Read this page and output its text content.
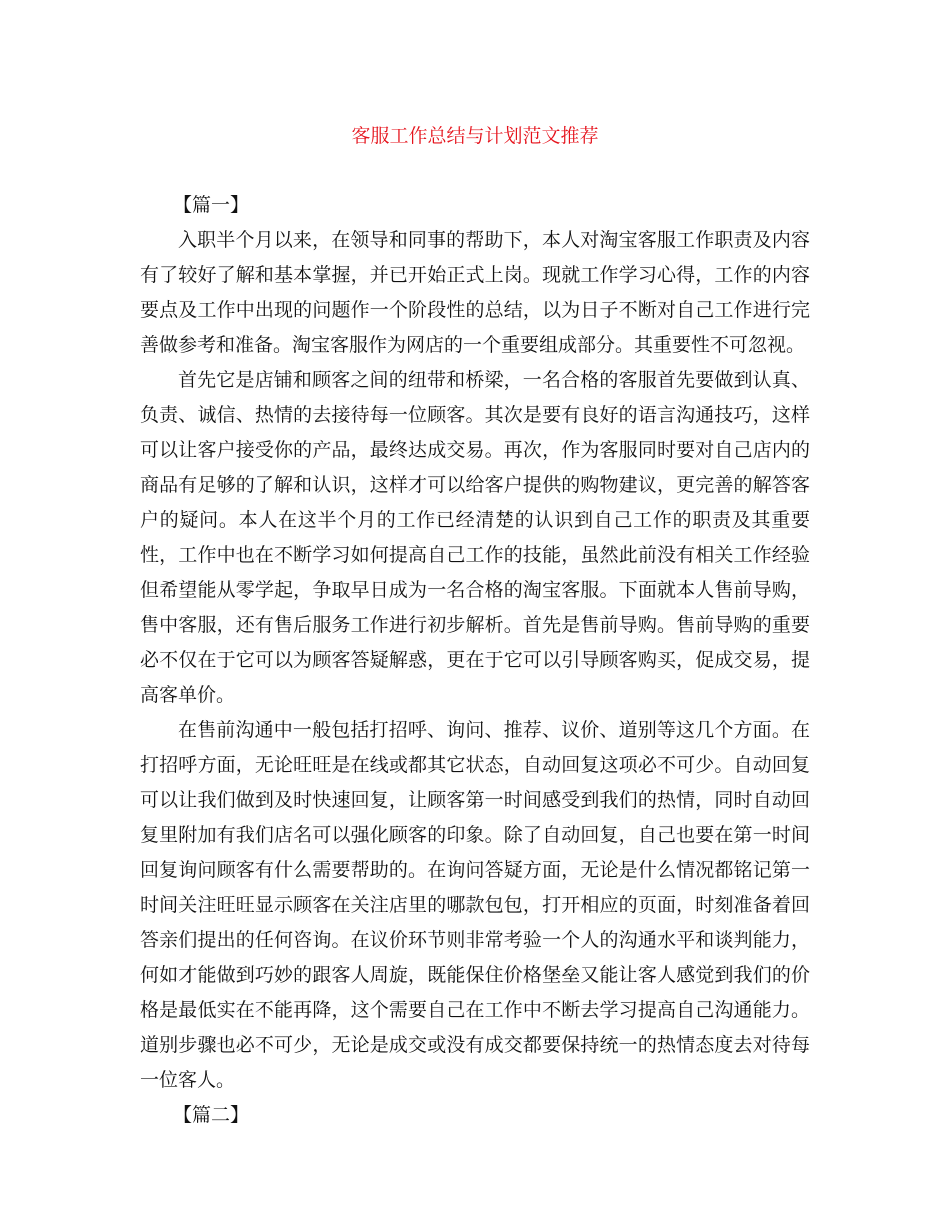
客服工作总结与计划范文推荐

【篇一】

入职半个月以来，在领导和同事的帮助下，本人对淘宝客服工作职责及内容有了较好了解和基本掌握，并已开始正式上岗。现就工作学习心得，工作的内容要点及工作中出现的问题作一个阶段性的总结，以为日子不断对自己工作进行完善做参考和准备。淘宝客服作为网店的一个重要组成部分。其重要性不可忽视。

首先它是店铺和顾客之间的纽带和桥梁，一名合格的客服首先要做到认真、负责、诚信、热情的去接待每一位顾客。其次是要有良好的语言沟通技巧，这样可以让客户接受你的产品，最终达成交易。再次，作为客服同时要对自己店内的商品有足够的了解和认识，这样才可以给客户提供的购物建议，更完善的解答客户的疑问。本人在这半个月的工作已经清楚的认识到自己工作的职责及其重要性，工作中也在不断学习如何提高自己工作的技能，虽然此前没有相关工作经验但希望能从零学起，争取早日成为一名合格的淘宝客服。下面就本人售前导购，售中客服，还有售后服务工作进行初步解析。首先是售前导购。售前导购的重要必不仅在于它可以为顾客答疑解惑，更在于它可以引导顾客购买，促成交易，提高客单价。

在售前沟通中一般包括打招呼、询问、推荐、议价、道别等这几个方面。在打招呼方面，无论旺旺是在线或都其它状态，自动回复这项必不可少。自动回复可以让我们做到及时快速回复，让顾客第一时间感受到我们的热情，同时自动回复里附加有我们店名可以强化顾客的印象。除了自动回复，自己也要在第一时间回复询问顾客有什么需要帮助的。在询问答疑方面，无论是什么情况都铭记第一时间关注旺旺显示顾客在关注店里的哪款包包，打开相应的页面，时刻准备着回答亲们提出的任何咨询。在议价环节则非常考验一个人的沟通水平和谈判能力，何如才能做到巧妙的跟客人周旋，既能保住价格堡垒又能让客人感觉到我们的价格是最低实在不能再降，这个需要自己在工作中不断去学习提高自己沟通能力。道别步骤也必不可少，无论是成交或没有成交都要保持统一的热情态度去对待每一位客人。

【篇二】
